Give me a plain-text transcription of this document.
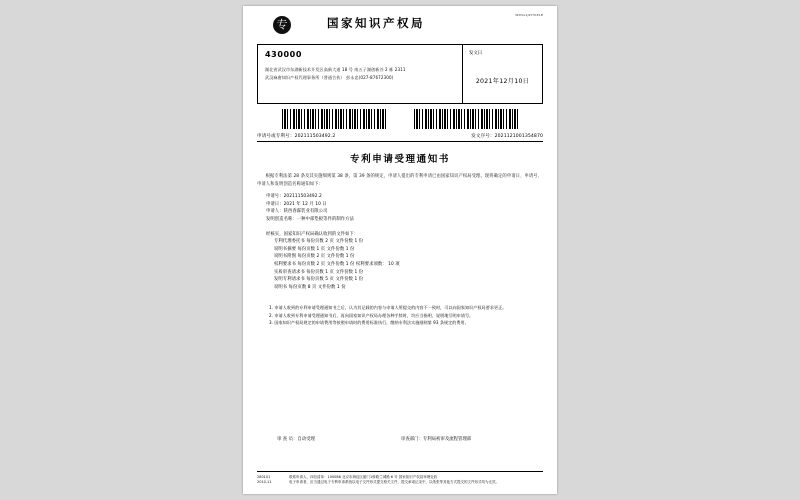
专	国家知识产权局
W5fGL1J97H1E1B
430000
湖北省武汉市东湖新技术开发区高新大道 18 号 南五子湖创新谷 2 栋 2311
武汉麻唐知识产权代理事务所（普通合伙） 彭永忠(027-87672300)
发文日
2021年12月10日
申请号或专利号：202111503492.2	发文序号：2021121001354870
专利申请受理通知书
根据专利法第 28 条及其实施细则第 38 条、第 39 条的规定，申请人提出的专利申请已由国家知识产权局受理。现将确定的申请日、申请号、申请人和发明创造名称通知如下：
申请号：202111503492.2
申请日：2021 年 12 月 10 日
申请人：陕西春霖装业有限公司
发明创造名称：一种中部垫板等件的制作方法
经核实，国家知识产权局确认收到的文件如下：
专利代理委托书 每份页数 2 页 文件份数 1 份
说明书摘要 每份页数 1 页 文件份数 1 份
说明书附图 每份页数 2 页 文件份数 1 份
权利要求书 每份页数 2 页 文件份数 1 份 权利要求项数： 10 项
实质审查请求书 每份页数 1 页 文件份数 1 份
发明专利请求书 每份页数 5 页 文件份数 1 份
说明书 每份页数 8 页 文件份数 1 份
1. 申请人收到的专利申请受理通知书之后，认为其记载的内容与申请人所提交的内容不一致时，可以向国家知识产权局要求更正。
2. 申请人收到专利申请受理通知书后，再向国家知识产权局办理各种手续时，均应当指明、说明地写明申请号。
3. 国家知识产权局规定的申请费用等按照申请时的费用标准执行，缴纳专利法实施细则第 93 条规定的费用。
审 查 员：自动受理	审查部门：专利局初审及流程管理部
280101	联系申请人、四信清单：100088 北京市海淀区蓟门1桥路兰城路 6 号 国家知识产权局审理处收
2010.11	电子申请者，应当通过电子专利申请系统以电子交件形式提交相关文件，提交承诺记录中，以纸张等其他方式提交的文件形式均为无效。
